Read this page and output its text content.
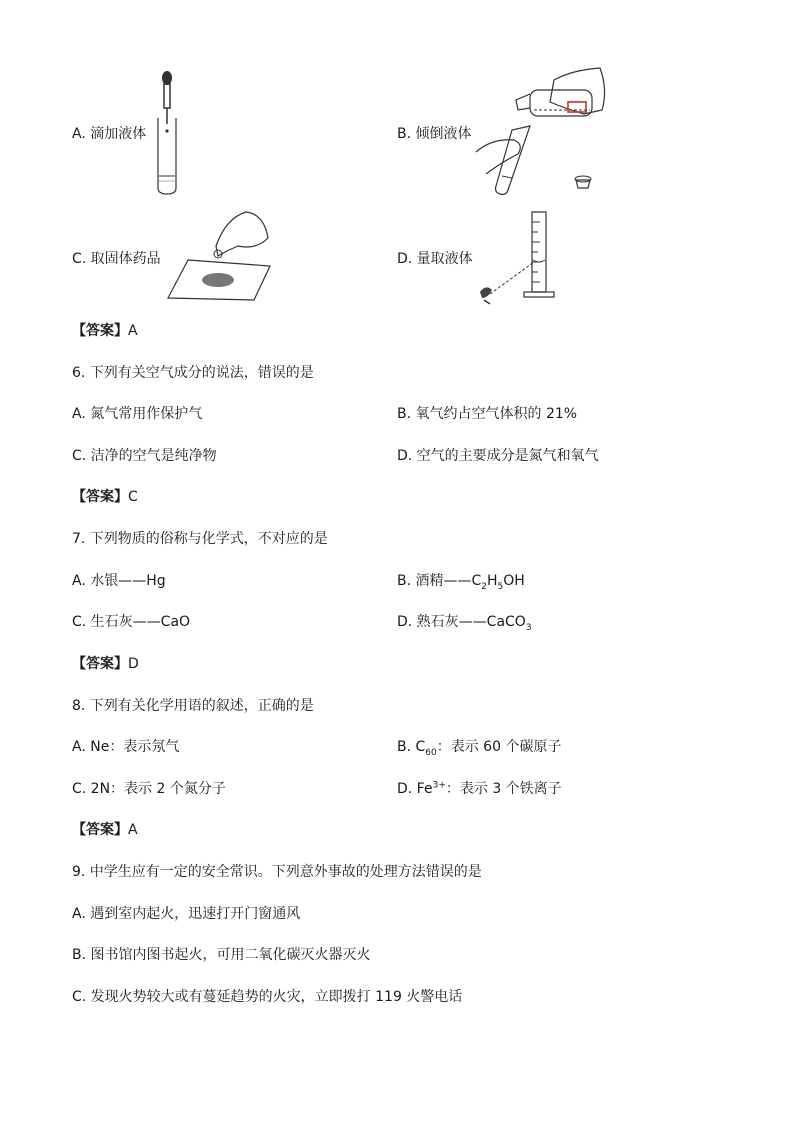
A. 滴加液体	B. 倾倒液体
C. 取固体药品	D. 量取液体
【答案】A
6. 下列有关空气成分的说法，错误的是
A. 氮气常用作保护气	B. 氧气约占空气体积的 21%
C. 洁净的空气是纯净物	D. 空气的主要成分是氮气和氧气
【答案】C
7. 下列物质的俗称与化学式，不对应的是
A. 水银——Hg	B. 酒精$——C_2H_5OH$
C. 生石灰——CaO	D. 熟石灰——CaCO$_3$
【答案】D
8. 下列有关化学用语的叙述，正确的是
A. Ne：表示氖气	B. $C_{60}$：表示 60 个碳原子
C. 2N：表示 2 个氮分子	D. $Fe^{3+}$：表示 3 个铁离子
【答案】A
9. 中学生应有一定的安全常识。下列意外事故的处理方法错误的是
A. 遇到室内起火，迅速打开门窗通风
B. 图书馆内图书起火，可用二氧化碳灭火器灭火
C. 发现火势较大或有蔓延趋势的火灾，立即拨打 119 火警电话
